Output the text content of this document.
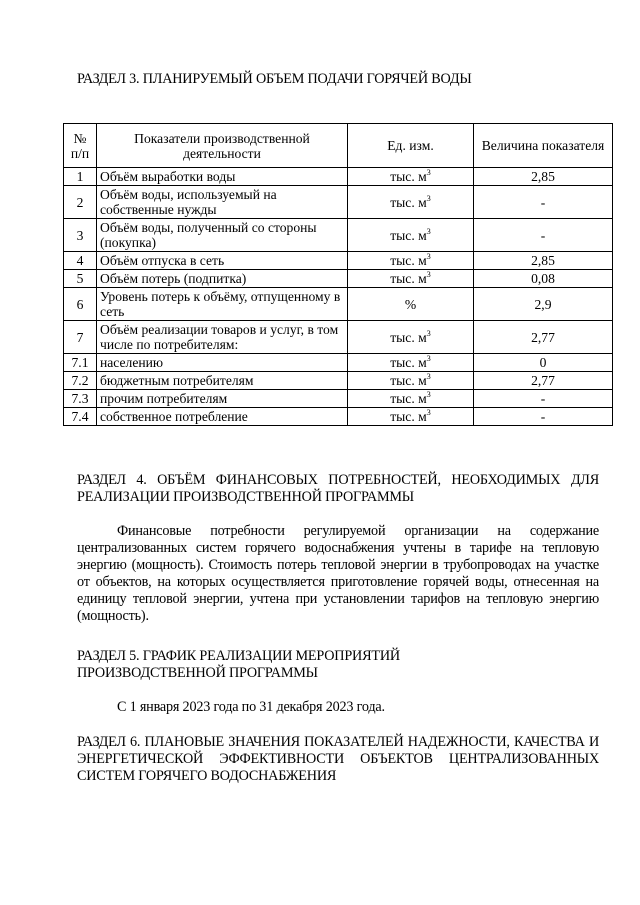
РАЗДЕЛ 3. ПЛАНИРУЕМЫЙ ОБЪЕМ ПОДАЧИ ГОРЯЧЕЙ ВОДЫ
№ п/п	Показатели производственной деятельности	Ед. изм.	Величина показателя
1	Объём выработки воды	тыс. $м^3$	2,85
2	Объём воды, используемый на собственные нужды	тыс. $м^3$	-
3	Объём воды, полученный со стороны (покупка)	тыс. $м^3$	-
4	Объём отпуска в сеть	тыс. $м^3$	2,85
5	Объём потерь (подпитка)	тыс. $м^3$	0,08
6	Уровень потерь к объёму, отпущенному в сеть	%	2,9
7	Объём реализации товаров и услуг, в том числе по потребителям:	тыс. $м^3$	2,77
7.1	населению	тыс. $м^3$	0
7.2	бюджетным потребителям	тыс. $м^3$	2,77
7.3	прочим потребителям	тыс. $м^3$	-
7.4	собственное потребление	тыс. $м^3$	-
РАЗДЕЛ 4. ОБЪЁМ ФИНАНСОВЫХ ПОТРЕБНОСТЕЙ, НЕОБХОДИМЫХ ДЛЯ РЕАЛИЗАЦИИ ПРОИЗВОДСТВЕННОЙ ПРОГРАММЫ
Финансовые потребности регулируемой организации на содержание централизованных систем горячего водоснабжения учтены в тарифе на тепловую энергию (мощность). Стоимость потерь тепловой энергии в трубопроводах на участке от объектов, на которых осуществляется приготовление горячей воды, отнесенная на единицу тепловой энергии, учтена при установлении тарифов на тепловую энергию (мощность).
РАЗДЕЛ 5. ГРАФИК РЕАЛИЗАЦИИ МЕРОПРИЯТИЙ
ПРОИЗВОДСТВЕННОЙ ПРОГРАММЫ
С 1 января 2023 года по 31 декабря 2023 года.
РАЗДЕЛ 6. ПЛАНОВЫЕ ЗНАЧЕНИЯ ПОКАЗАТЕЛЕЙ НАДЕЖНОСТИ, КАЧЕСТВА И ЭНЕРГЕТИЧЕСКОЙ ЭФФЕКТИВНОСТИ ОБЪЕКТОВ ЦЕНТРАЛИЗОВАННЫХ СИСТЕМ ГОРЯЧЕГО ВОДОСНАБЖЕНИЯ
